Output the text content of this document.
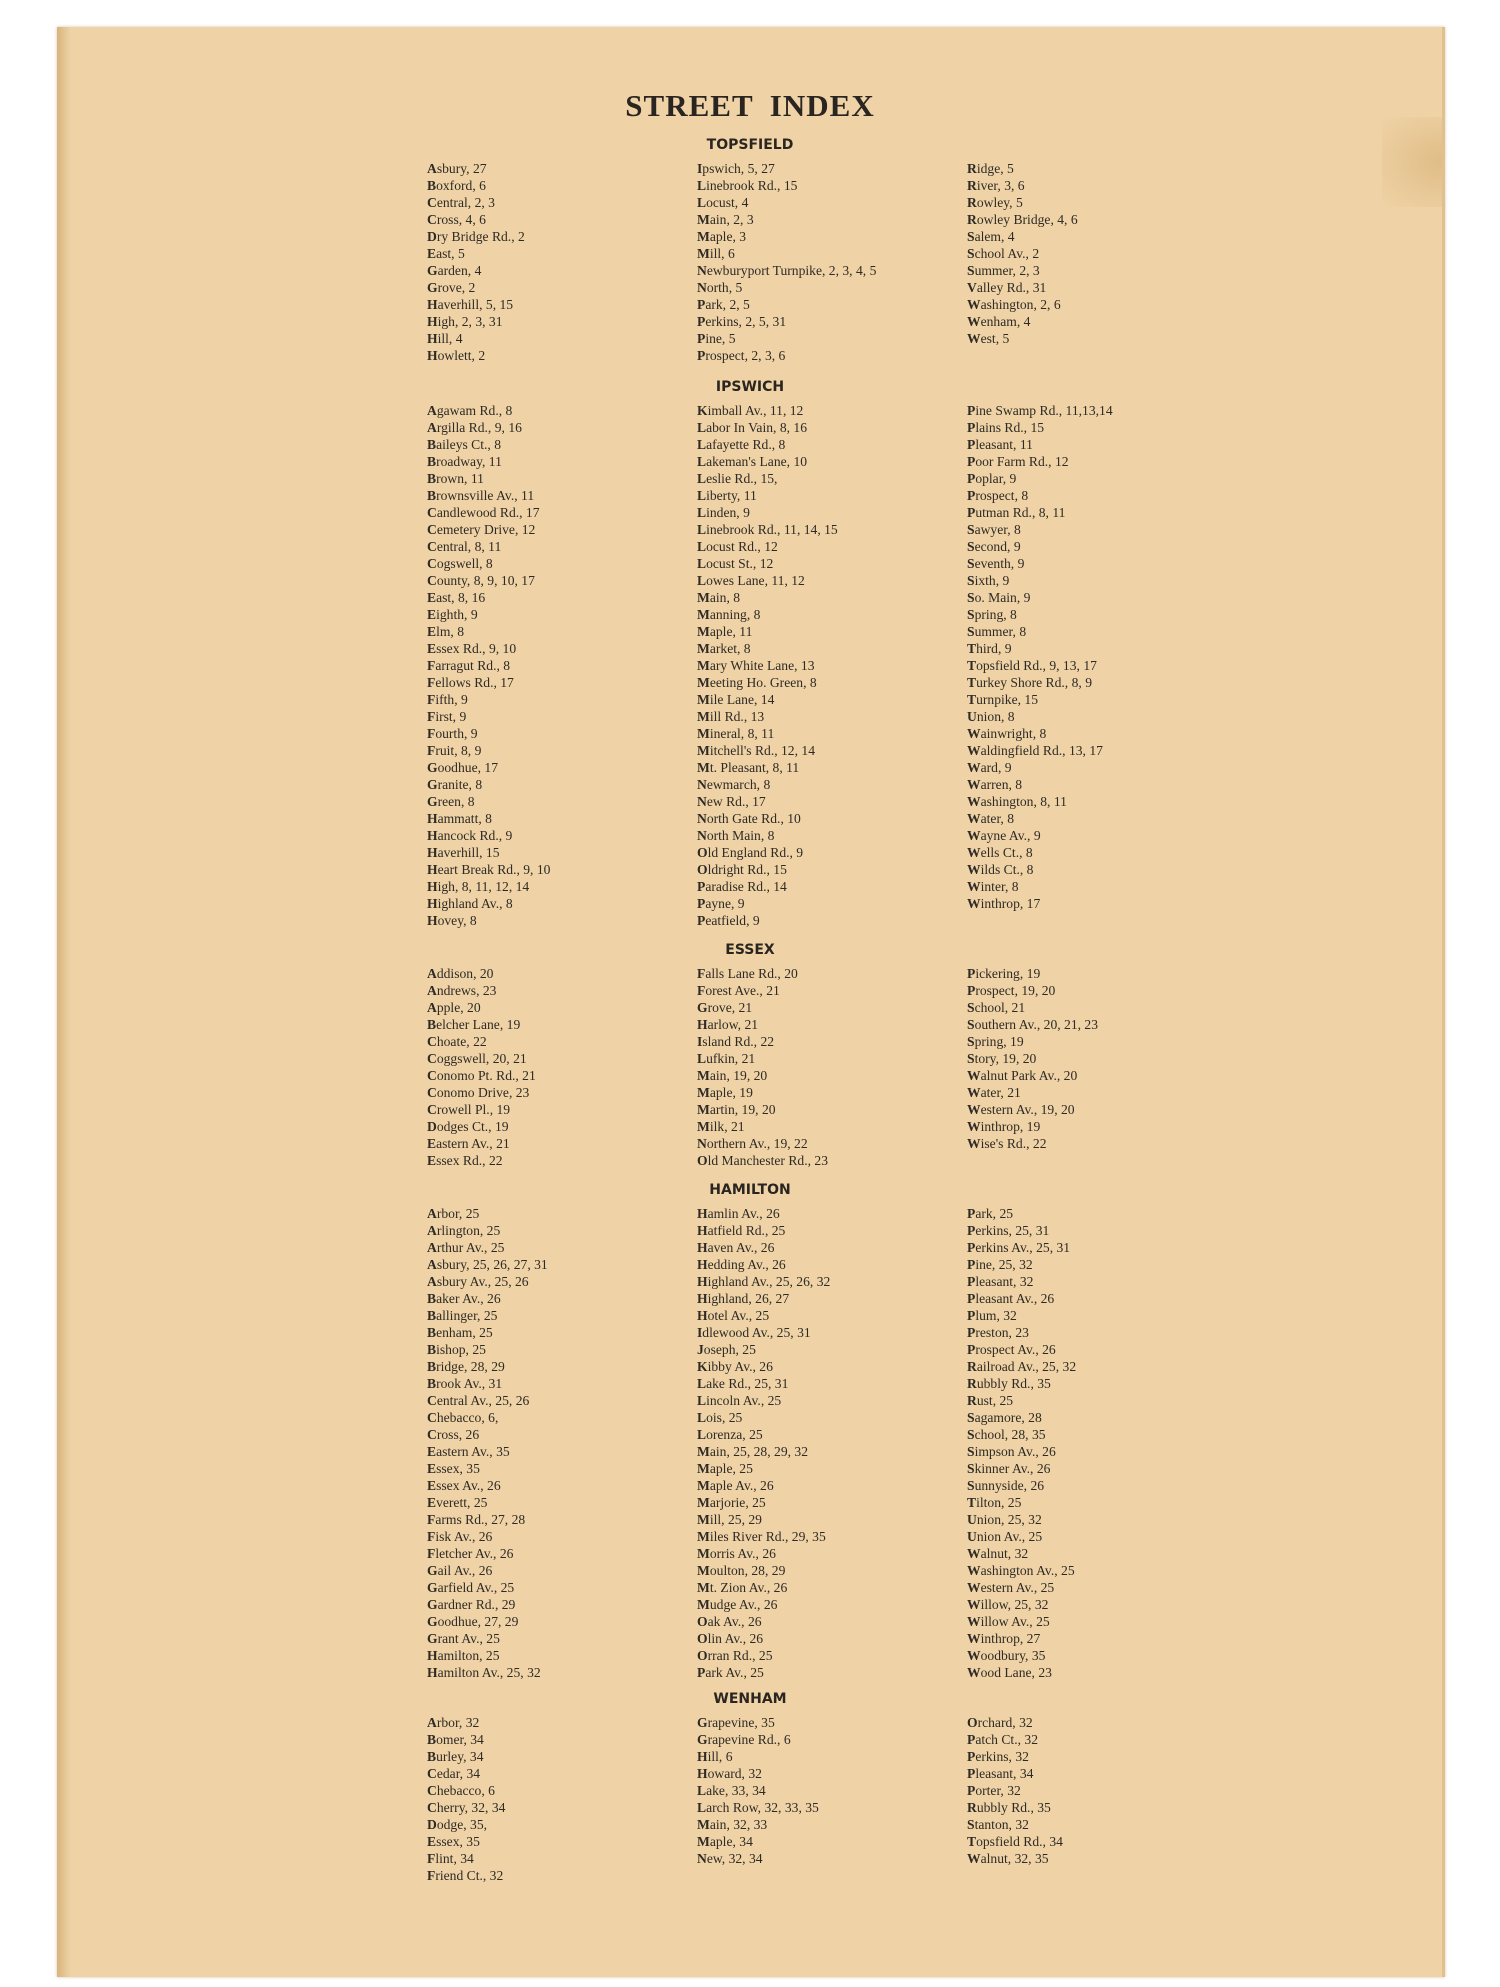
STREET INDEX
TOPSFIELD
Asbury, 27
Boxford, 6
Central, 2, 3
Cross, 4, 6
Dry Bridge Rd., 2
East, 5
Garden, 4
Grove, 2
Haverhill, 5, 15
High, 2, 3, 31
Hill, 4
Howlett, 2
Ipswich, 5, 27
Linebrook Rd., 15
Locust, 4
Main, 2, 3
Maple, 3
Mill, 6
Newburyport Turnpike, 2, 3, 4, 5
North, 5
Park, 2, 5
Perkins, 2, 5, 31
Pine, 5
Prospect, 2, 3, 6
Ridge, 5
River, 3, 6
Rowley, 5
Rowley Bridge, 4, 6
Salem, 4
School Av., 2
Summer, 2, 3
Valley Rd., 31
Washington, 2, 6
Wenham, 4
West, 5
IPSWICH
Agawam Rd., 8
Argilla Rd., 9, 16
Baileys Ct., 8
Broadway, 11
Brown, 11
Brownsville Av., 11
Candlewood Rd., 17
Cemetery Drive, 12
Central, 8, 11
Cogswell, 8
County, 8, 9, 10, 17
East, 8, 16
Eighth, 9
Elm, 8
Essex Rd., 9, 10
Farragut Rd., 8
Fellows Rd., 17
Fifth, 9
First, 9
Fourth, 9
Fruit, 8, 9
Goodhue, 17
Granite, 8
Green, 8
Hammatt, 8
Hancock Rd., 9
Haverhill, 15
Heart Break Rd., 9, 10
High, 8, 11, 12, 14
Highland Av., 8
Hovey, 8
Kimball Av., 11, 12
Labor In Vain, 8, 16
Lafayette Rd., 8
Lakeman's Lane, 10
Leslie Rd., 15,
Liberty, 11
Linden, 9
Linebrook Rd., 11, 14, 15
Locust Rd., 12
Locust St., 12
Lowes Lane, 11, 12
Main, 8
Manning, 8
Maple, 11
Market, 8
Mary White Lane, 13
Meeting Ho. Green, 8
Mile Lane, 14
Mill Rd., 13
Mineral, 8, 11
Mitchell's Rd., 12, 14
Mt. Pleasant, 8, 11
Newmarch, 8
New Rd., 17
North Gate Rd., 10
North Main, 8
Old England Rd., 9
Oldright Rd., 15
Paradise Rd., 14
Payne, 9
Peatfield, 9
Pine Swamp Rd., 11,13,14
Plains Rd., 15
Pleasant, 11
Poor Farm Rd., 12
Poplar, 9
Prospect, 8
Putman Rd., 8, 11
Sawyer, 8
Second, 9
Seventh, 9
Sixth, 9
So. Main, 9
Spring, 8
Summer, 8
Third, 9
Topsfield Rd., 9, 13, 17
Turkey Shore Rd., 8, 9
Turnpike, 15
Union, 8
Wainwright, 8
Waldingfield Rd., 13, 17
Ward, 9
Warren, 8
Washington, 8, 11
Water, 8
Wayne Av., 9
Wells Ct., 8
Wilds Ct., 8
Winter, 8
Winthrop, 17
ESSEX
Addison, 20
Andrews, 23
Apple, 20
Belcher Lane, 19
Choate, 22
Coggswell, 20, 21
Conomo Pt. Rd., 21
Conomo Drive, 23
Crowell Pl., 19
Dodges Ct., 19
Eastern Av., 21
Essex Rd., 22
Falls Lane Rd., 20
Forest Ave., 21
Grove, 21
Harlow, 21
Island Rd., 22
Lufkin, 21
Main, 19, 20
Maple, 19
Martin, 19, 20
Milk, 21
Northern Av., 19, 22
Old Manchester Rd., 23
Pickering, 19
Prospect, 19, 20
School, 21
Southern Av., 20, 21, 23
Spring, 19
Story, 19, 20
Walnut Park Av., 20
Water, 21
Western Av., 19, 20
Winthrop, 19
Wise's Rd., 22
HAMILTON
Arbor, 25
Arlington, 25
Arthur Av., 25
Asbury, 25, 26, 27, 31
Asbury Av., 25, 26
Baker Av., 26
Ballinger, 25
Benham, 25
Bishop, 25
Bridge, 28, 29
Brook Av., 31
Central Av., 25, 26
Chebacco, 6,
Cross, 26
Eastern Av., 35
Essex, 35
Essex Av., 26
Everett, 25
Farms Rd., 27, 28
Fisk Av., 26
Fletcher Av., 26
Gail Av., 26
Garfield Av., 25
Gardner Rd., 29
Goodhue, 27, 29
Grant Av., 25
Hamilton, 25
Hamilton Av., 25, 32
Hamlin Av., 26
Hatfield Rd., 25
Haven Av., 26
Hedding Av., 26
Highland Av., 25, 26, 32
Highland, 26, 27
Hotel Av., 25
Idlewood Av., 25, 31
Joseph, 25
Kibby Av., 26
Lake Rd., 25, 31
Lincoln Av., 25
Lois, 25
Lorenza, 25
Main, 25, 28, 29, 32
Maple, 25
Maple Av., 26
Marjorie, 25
Mill, 25, 29
Miles River Rd., 29, 35
Morris Av., 26
Moulton, 28, 29
Mt. Zion Av., 26
Mudge Av., 26
Oak Av., 26
Olin Av., 26
Orran Rd., 25
Park Av., 25
Park, 25
Perkins, 25, 31
Perkins Av., 25, 31
Pine, 25, 32
Pleasant, 32
Pleasant Av., 26
Plum, 32
Preston, 23
Prospect Av., 26
Railroad Av., 25, 32
Rubbly Rd., 35
Rust, 25
Sagamore, 28
School, 28, 35
Simpson Av., 26
Skinner Av., 26
Sunnyside, 26
Tilton, 25
Union, 25, 32
Union Av., 25
Walnut, 32
Washington Av., 25
Western Av., 25
Willow, 25, 32
Willow Av., 25
Winthrop, 27
Woodbury, 35
Wood Lane, 23
WENHAM
Arbor, 32
Bomer, 34
Burley, 34
Cedar, 34
Chebacco, 6
Cherry, 32, 34
Dodge, 35,
Essex, 35
Flint, 34
Friend Ct., 32
Grapevine, 35
Grapevine Rd., 6
Hill, 6
Howard, 32
Lake, 33, 34
Larch Row, 32, 33, 35
Main, 32, 33
Maple, 34
New, 32, 34
Orchard, 32
Patch Ct., 32
Perkins, 32
Pleasant, 34
Porter, 32
Rubbly Rd., 35
Stanton, 32
Topsfield Rd., 34
Walnut, 32, 35
